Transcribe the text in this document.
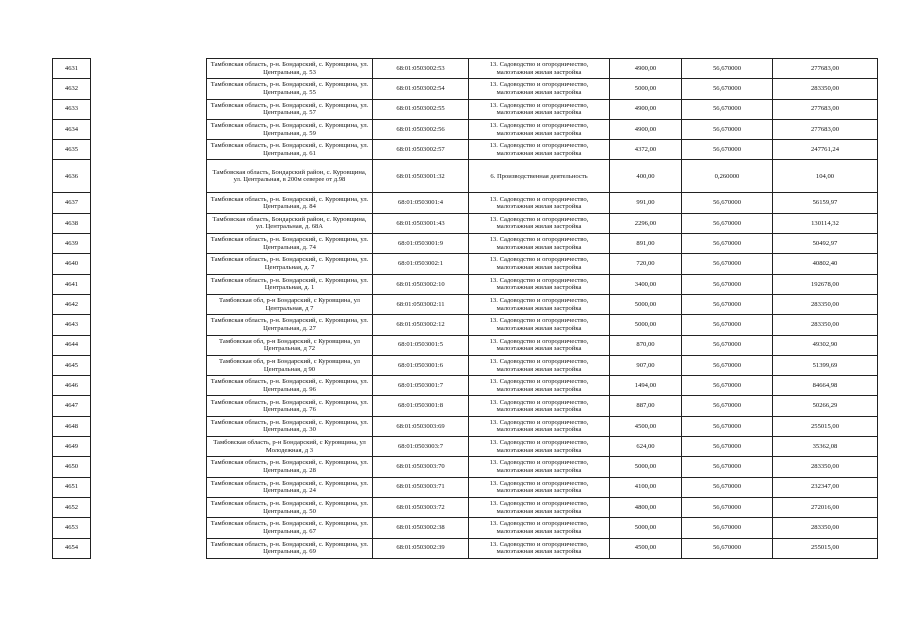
4631		Тамбовская область, р-н. Бондарский, с. Куровщина, ул. Центральная, д. 53	68:01:0503002:53	13. Садоводство и огородничество, малоэтажная жилая застройка	4900,00	56,670000	277683,00
4632		Тамбовская область, р-н. Бондарский, с. Куровщина, ул. Центральная, д. 55	68:01:0503002:54	13. Садоводство и огородничество, малоэтажная жилая застройка	5000,00	56,670000	283350,00
4633		Тамбовская область, р-н. Бондарский, с. Куровщина, ул. Центральная, д. 57	68:01:0503002:55	13. Садоводство и огородничество, малоэтажная жилая застройка	4900,00	56,670000	277683,00
4634		Тамбовская область, р-н. Бондарский, с. Куровщина, ул. Центральная, д. 59	68:01:0503002:56	13. Садоводство и огородничество, малоэтажная жилая застройка	4900,00	56,670000	277683,00
4635		Тамбовская область, р-н. Бондарский, с. Куровщина, ул. Центральная, д. 61	68:01:0503002:57	13. Садоводство и огородничество, малоэтажная жилая застройка	4372,00	56,670000	247761,24
4636		Тамбовская область, Бондарский район, с. Куровщина, ул. Центральная, в 200м северее от д.98	68:01:0503001:32	6. Производственная деятельность	400,00	0,260000	104,00
4637		Тамбовская область, р-н. Бондарский, с. Куровщина, ул. Центральная, д. 84	68:01:0503001:4	13. Садоводство и огородничество, малоэтажная жилая застройка	991,00	56,670000	56159,97
4638		Тамбовская область, Бондарский район, с. Куровщина, ул. Центральная, д. 68А	68:01:0503001:43	13. Садоводство и огородничество, малоэтажная жилая застройка	2296,00	56,670000	130114,32
4639		Тамбовская область, р-н. Бондарский, с. Куровщина, ул. Центральная, д. 74	68:01:0503001:9	13. Садоводство и огородничество, малоэтажная жилая застройка	891,00	56,670000	50492,97
4640		Тамбовская область, р-н. Бондарский, с. Куровщина, ул. Центральная, д. 7	68:01:0503002:1	13. Садоводство и огородничество, малоэтажная жилая застройка	720,00	56,670000	40802,40
4641		Тамбовская область, р-н. Бондарский, с. Куровщина, ул. Центральная, д. 1	68:01:0503002:10	13. Садоводство и огородничество, малоэтажная жилая застройка	3400,00	56,670000	192678,00
4642		Тамбовская обл, р-н Бондарский, с Куровщина, ул Центральная, д 7	68:01:0503002:11	13. Садоводство и огородничество, малоэтажная жилая застройка	5000,00	56,670000	283350,00
4643		Тамбовская область, р-н. Бондарский, с. Куровщина, ул. Центральная, д. 27	68:01:0503002:12	13. Садоводство и огородничество, малоэтажная жилая застройка	5000,00	56,670000	283350,00
4644		Тамбовская обл, р-н Бондарский, с Куровщина, ул Центральная, д 72	68:01:0503001:5	13. Садоводство и огородничество, малоэтажная жилая застройка	870,00	56,670000	49302,90
4645		Тамбовская обл, р-н Бондарский, с Куровщина, ул Центральная, д 90	68:01:0503001:6	13. Садоводство и огородничество, малоэтажная жилая застройка	907,00	56,670000	51399,69
4646		Тамбовская область, р-н. Бондарский, с. Куровщина, ул. Центральная, д. 96	68:01:0503001:7	13. Садоводство и огородничество, малоэтажная жилая застройка	1494,00	56,670000	84664,98
4647		Тамбовская область, р-н. Бондарский, с. Куровщина, ул. Центральная, д. 76	68:01:0503001:8	13. Садоводство и огородничество, малоэтажная жилая застройка	887,00	56,670000	50266,29
4648		Тамбовская область, р-н. Бондарский, с. Куровщина, ул. Центральная, д. 30	68:01:0503003:69	13. Садоводство и огородничество, малоэтажная жилая застройка	4500,00	56,670000	255015,00
4649		Тамбовская область, р-н Бондарский, с Куровщина, ул Молодежная, д 3	68:01:0503003:7	13. Садоводство и огородничество, малоэтажная жилая застройка	624,00	56,670000	35362,08
4650		Тамбовская область, р-н. Бондарский, с. Куровщина, ул. Центральная, д. 28	68:01:0503003:70	13. Садоводство и огородничество, малоэтажная жилая застройка	5000,00	56,670000	283350,00
4651		Тамбовская область, р-н. Бондарский, с. Куровщина, ул. Центральная, д. 24	68:01:0503003:71	13. Садоводство и огородничество, малоэтажная жилая застройка	4100,00	56,670000	232347,00
4652		Тамбовская область, р-н. Бондарский, с. Куровщина, ул. Центральная, д. 50	68:01:0503003:72	13. Садоводство и огородничество, малоэтажная жилая застройка	4800,00	56,670000	272016,00
4653		Тамбовская область, р-н. Бондарский, с. Куровщина, ул. Центральная, д. 67	68:01:0503002:38	13. Садоводство и огородничество, малоэтажная жилая застройка	5000,00	56,670000	283350,00
4654		Тамбовская область, р-н. Бондарский, с. Куровщина, ул. Центральная, д. 69	68:01:0503002:39	13. Садоводство и огородничество, малоэтажная жилая застройка	4500,00	56,670000	255015,00
